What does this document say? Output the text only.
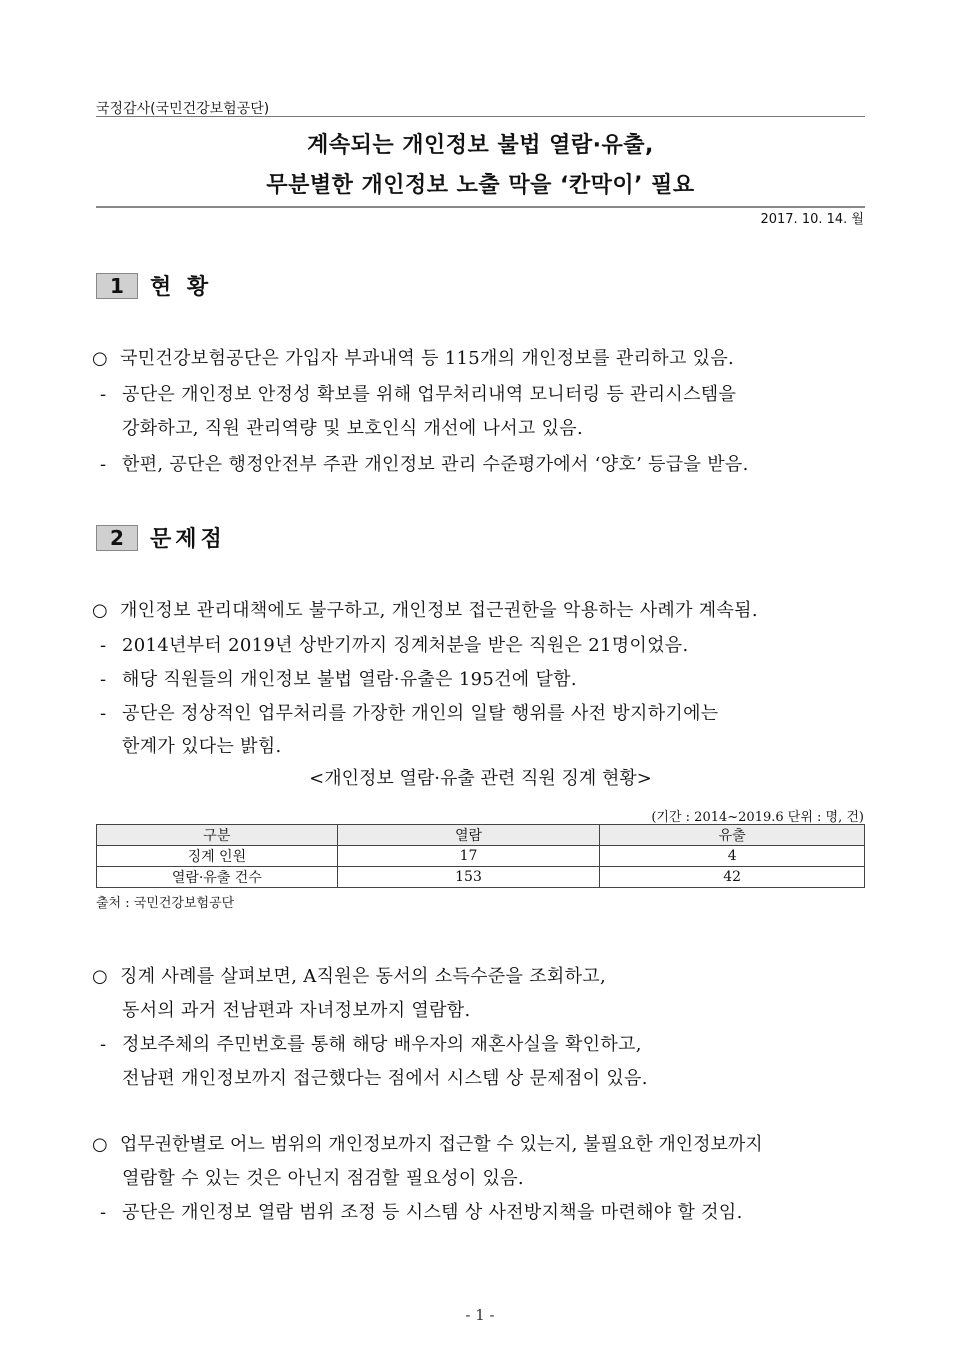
국정감사(국민건강보험공단)
계속되는 개인정보 불법 열람·유출,
무분별한 개인정보 노출 막을 ‘칸막이’ 필요
2017. 10. 14. 월
1	현 황
○ 국민건강보험공단은 가입자 부과내역 등 115개의 개인정보를 관리하고 있음.
- 공단은 개인정보 안정성 확보를 위해 업무처리내역 모니터링 등 관리시스템을
강화하고, 직원 관리역량 및 보호인식 개선에 나서고 있음.
- 한편, 공단은 행정안전부 주관 개인정보 관리 수준평가에서 ‘양호’ 등급을 받음.
2	문제점
○ 개인정보 관리대책에도 불구하고, 개인정보 접근권한을 악용하는 사례가 계속됨.
- 2014년부터 2019년 상반기까지 징계처분을 받은 직원은 21명이었음.
- 해당 직원들의 개인정보 불법 열람·유출은 195건에 달함.
- 공단은 정상적인 업무처리를 가장한 개인의 일탈 행위를 사전 방지하기에는
한계가 있다는 밝힘.
<개인정보 열람·유출 관련 직원 징계 현황>
(기간 : 2014~2019.6 단위 : 명, 건)
구분	열람	유출
징계 인원	17	4
열람·유출 건수	153	42
출처 : 국민건강보험공단
○ 징계 사례를 살펴보면, A직원은 동서의 소득수준을 조회하고,
동서의 과거 전남편과 자녀정보까지 열람함.
- 정보주체의 주민번호를 통해 해당 배우자의 재혼사실을 확인하고,
전남편 개인정보까지 접근했다는 점에서 시스템 상 문제점이 있음.
○ 업무권한별로 어느 범위의 개인정보까지 접근할 수 있는지, 불필요한 개인정보까지
열람할 수 있는 것은 아닌지 점검할 필요성이 있음.
- 공단은 개인정보 열람 범위 조정 등 시스템 상 사전방지책을 마련해야 할 것임.
- 1 -
